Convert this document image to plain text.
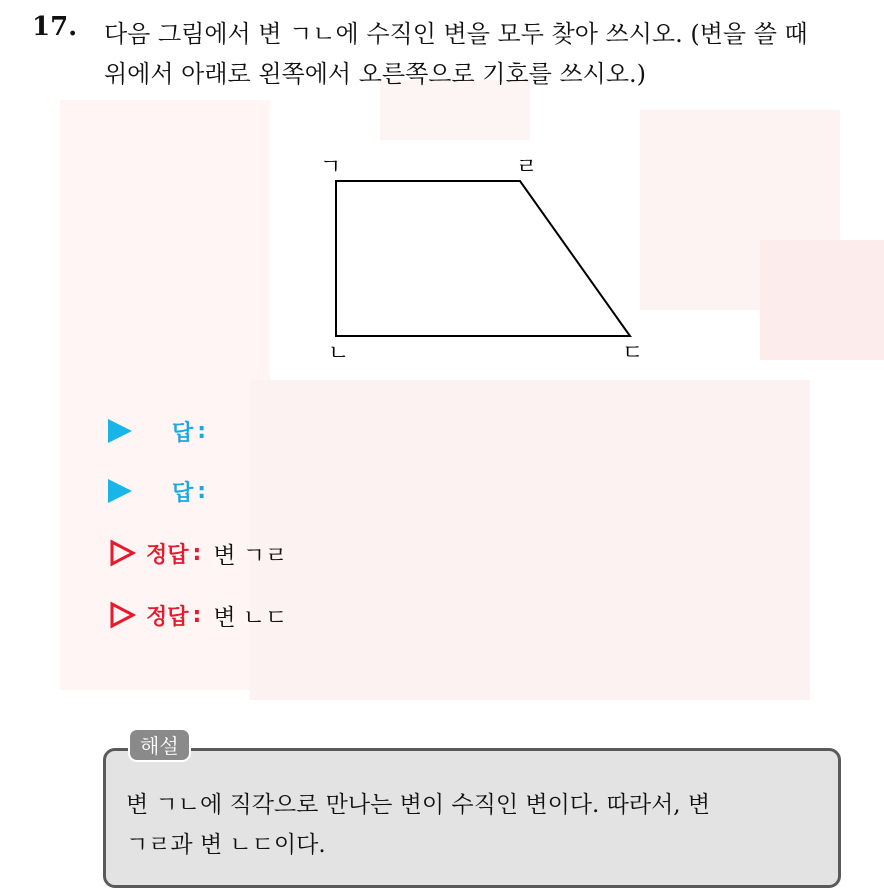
17. 다음 그림에서 변 ㄱㄴ에 수직인 변을 모두 찾아 쓰시오. (변을 쓸 때
위에서 아래로 왼쪽에서 오른쪽으로 기호를 쓰시오.)
ㄱ	ㄹ
ㄴ	ㄷ
답 :
답 :
정답 : 변 ㄱㄹ
정답 : 변 ㄴㄷ
해설
변 ㄱㄴ에 직각으로 만나는 변이 수직인 변이다. 따라서, 변
ㄱㄹ과 변 ㄴㄷ이다.
